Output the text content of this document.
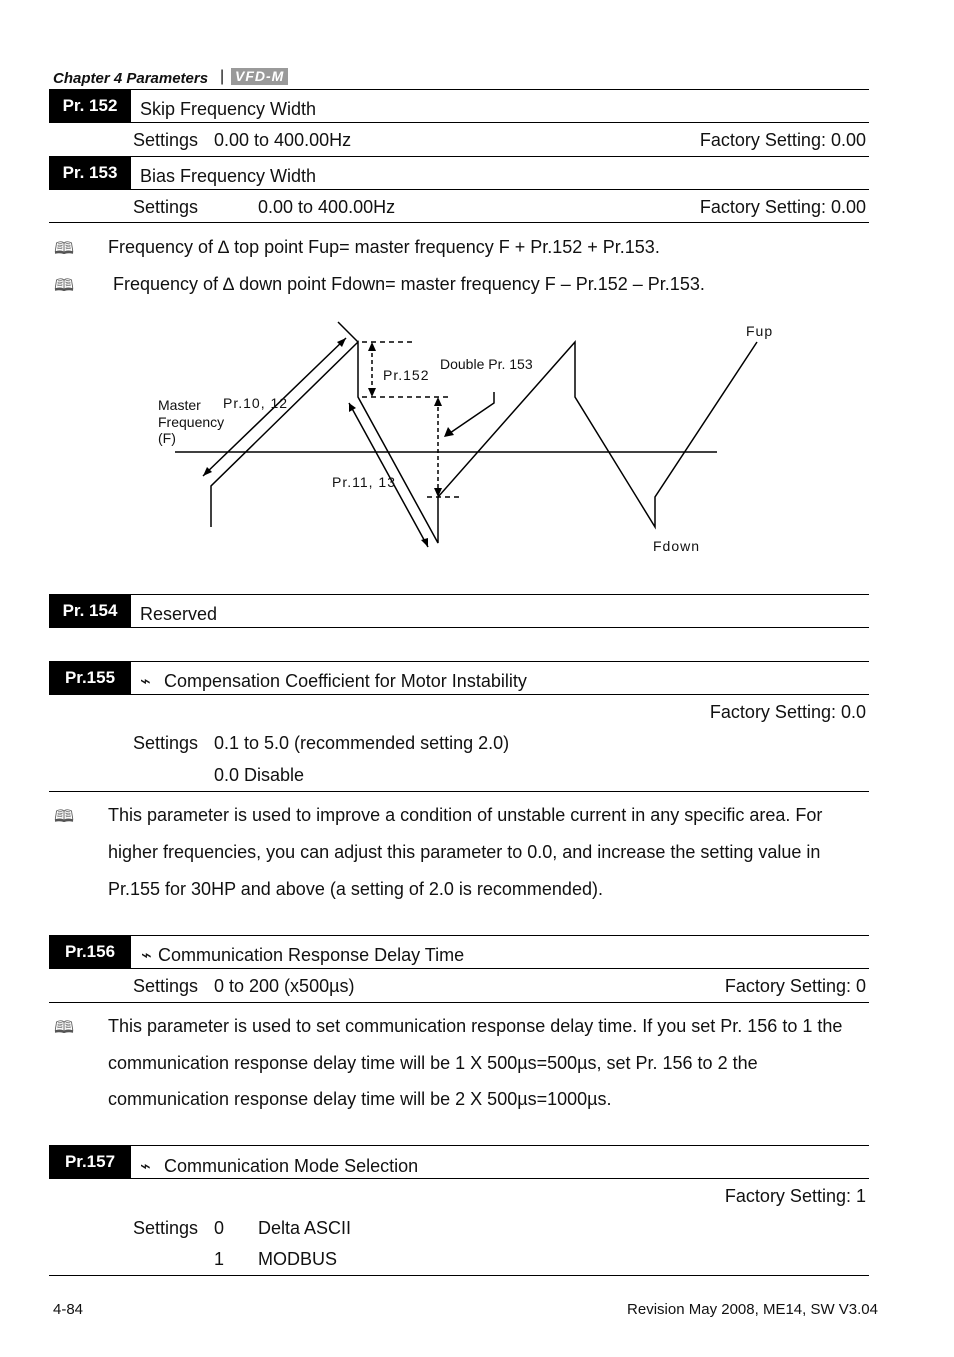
Chapter 4 Parameters | VFD-M
Pr. 152	Skip Frequency Width
Settings 0.00 to 400.00Hz	Factory Setting: 0.00
Pr. 153	Bias Frequency Width
Settings	0.00 to 400.00Hz	Factory Setting: 0.00
🕮 Frequency of ∆ top point Fup= master frequency F + Pr.152 + Pr.153.
🕮 Frequency of ∆ down point Fdown= master frequency F – Pr.152 – Pr.153.
Fup
Pr.152
Double Pr. 153
Master
Frequency
(F)
Pr.10, 12
Pr.11, 13
Fdown
Pr. 154	Reserved
Pr.155	⌁ Compensation Coefficient for Motor Instability
Factory Setting: 0.0
Settings 0.1 to 5.0 (recommended setting 2.0)
0.0 Disable
🕮 This parameter is used to improve a condition of unstable current in any specific area. For
higher frequencies, you can adjust this parameter to 0.0, and increase the setting value in
Pr.155 for 30HP and above (a setting of 2.0 is recommended).
Pr.156	⌁ Communication Response Delay Time
Settings 0 to 200 (x500µs)	Factory Setting: 0
🕮 This parameter is used to set communication response delay time. If you set Pr. 156 to 1 the
communication response delay time will be 1 X 500µs=500µs, set Pr. 156 to 2 the
communication response delay time will be 2 X 500µs=1000µs.
Pr.157	⌁ Communication Mode Selection
Factory Setting: 1
Settings 0 Delta ASCII
1 MODBUS
4-84	Revision May 2008, ME14, SW V3.04
